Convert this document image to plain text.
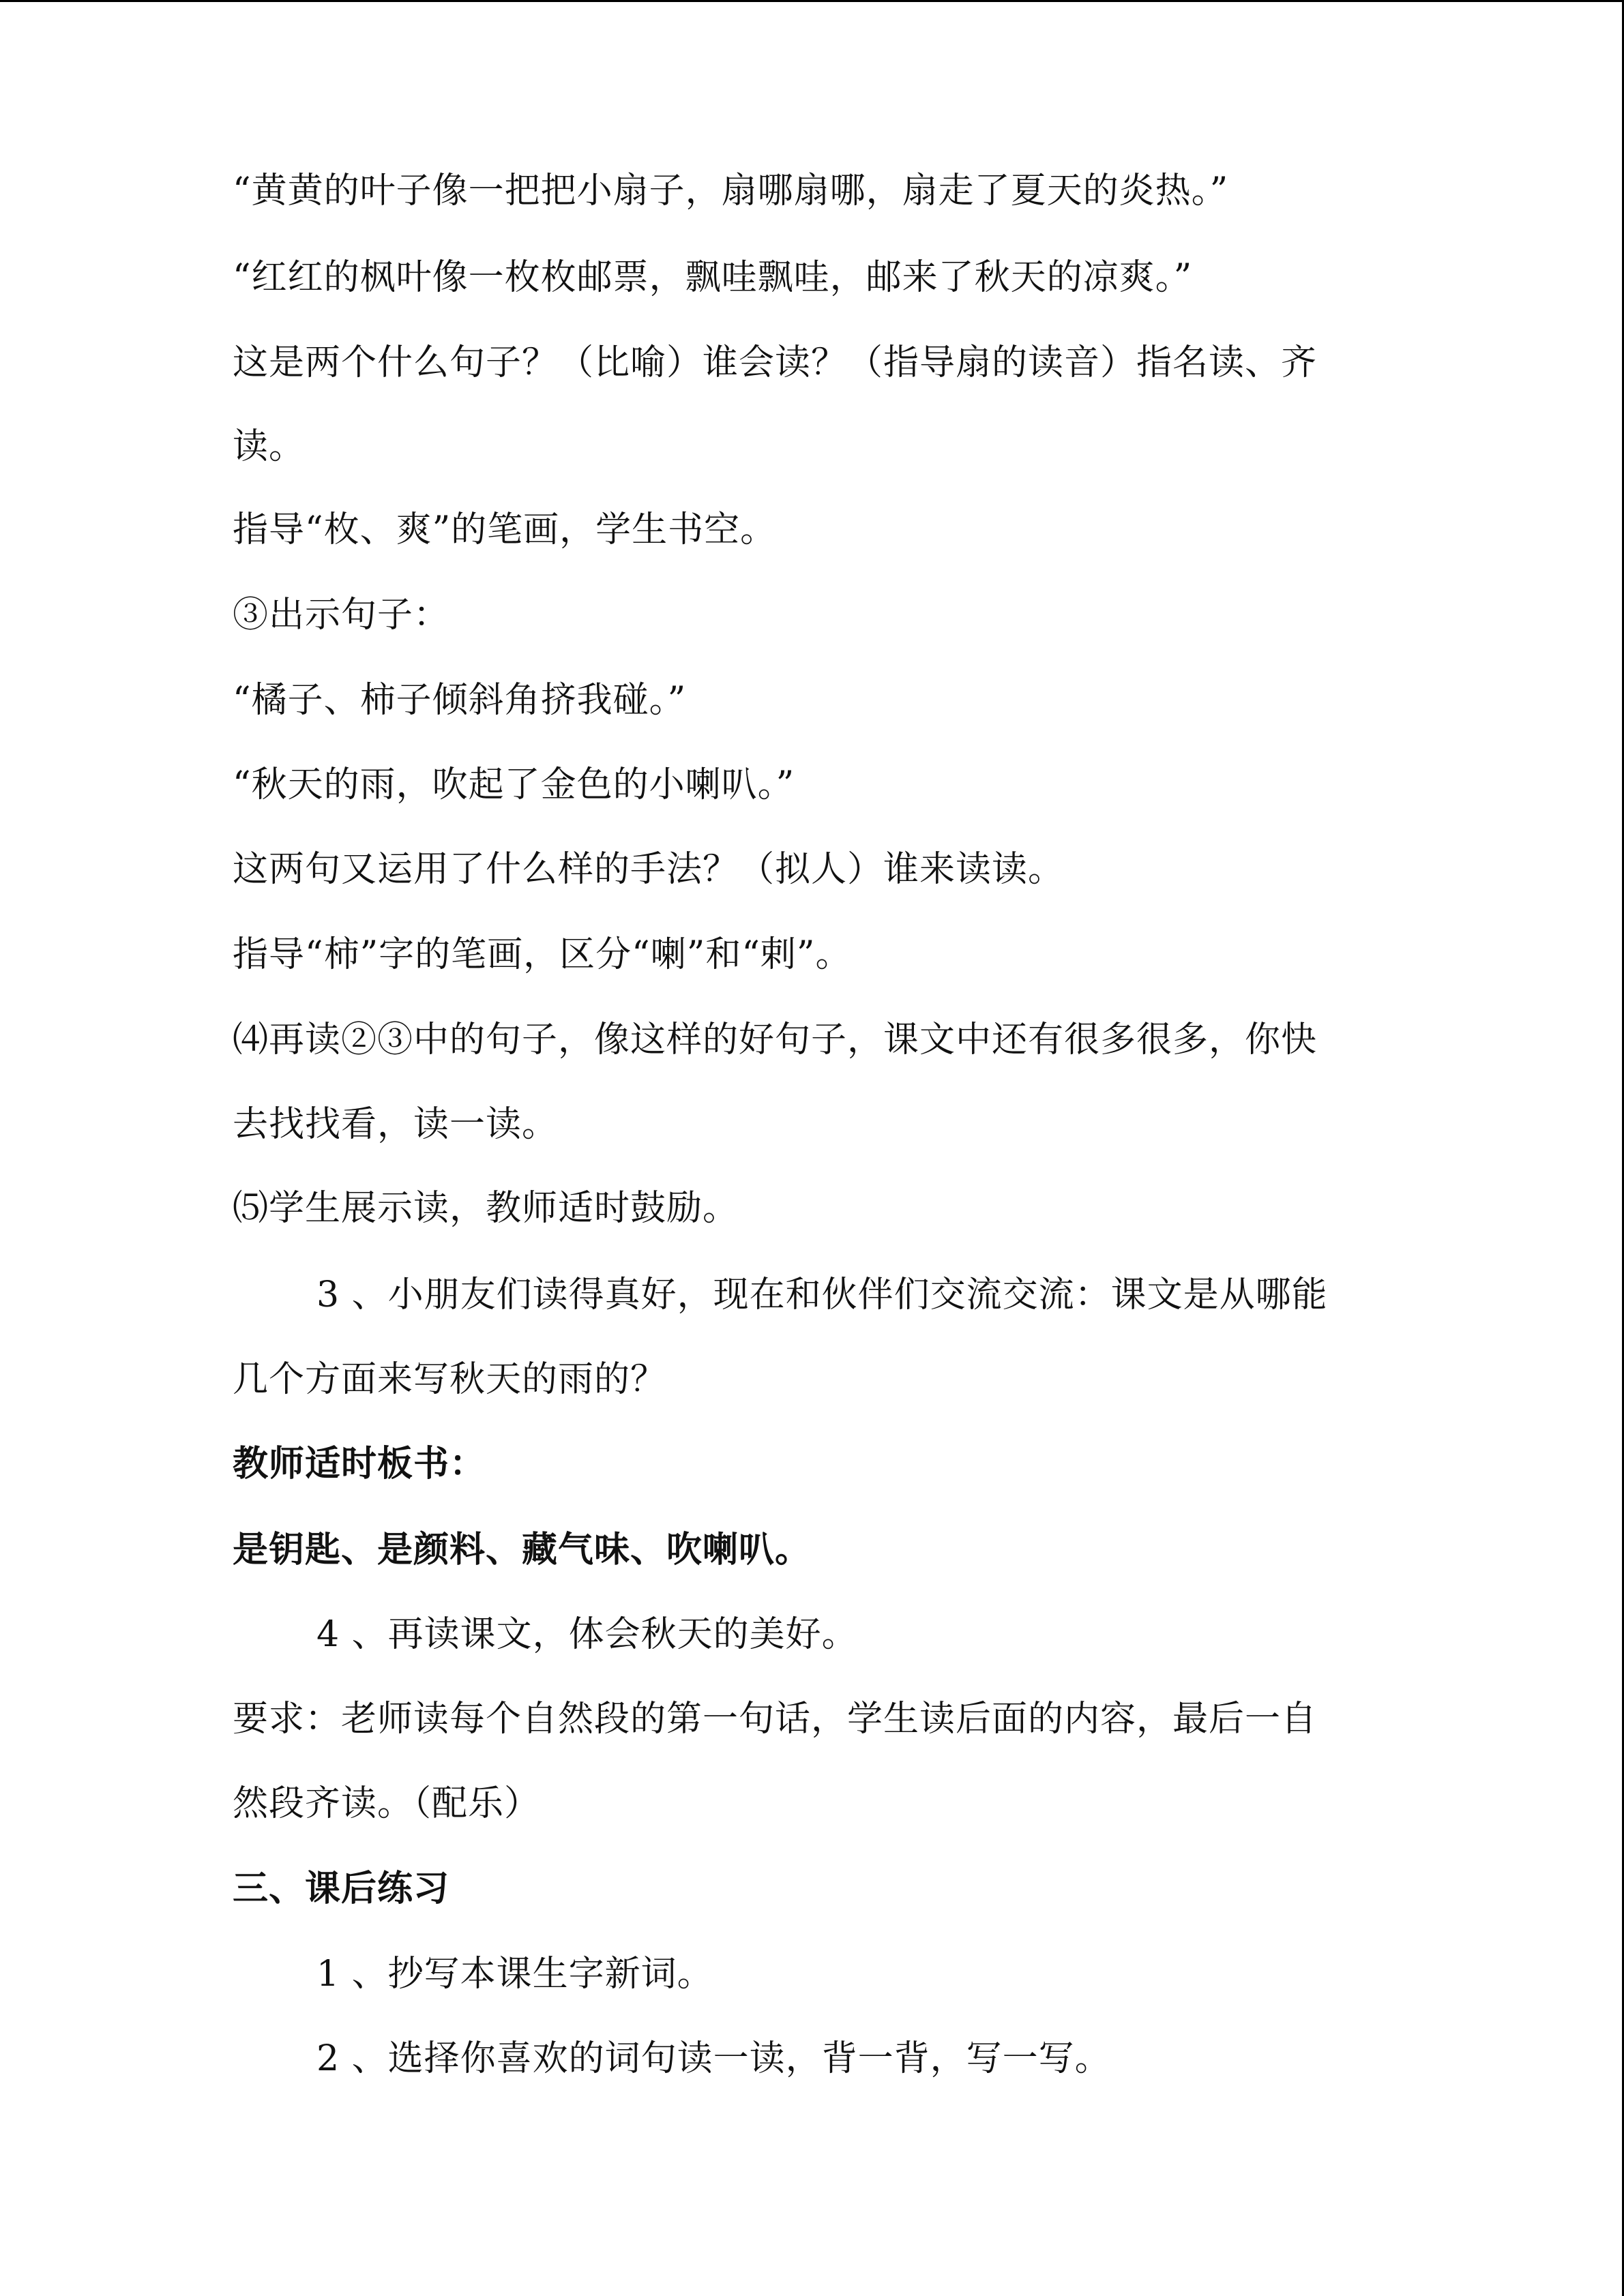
“黄黄的叶子像一把把小扇子，扇哪扇哪，扇走了夏天的炎热。”
“红红的枫叶像一枚枚邮票，飘哇飘哇，邮来了秋天的凉爽。”
这是两个什么句子？（比喻）谁会读？（指导扇的读音）指名读、齐
读。
指导“枚、爽”的笔画，学生书空。
③出示句子：
“橘子、柿子倾斜角挤我碰。”
“秋天的雨，吹起了金色的小喇叭。”
这两句又运用了什么样的手法？（拟人）谁来读读。
指导“柿”字的笔画，区分“喇”和“剌”。
⑷再读②③中的句子，像这样的好句子，课文中还有很多很多，你快
去找找看，读一读。
⑸学生展示读，教师适时鼓励。
3 、小朋友们读得真好，现在和伙伴们交流交流：课文是从哪能
几个方面来写秋天的雨的？
教师适时板书：
是钥匙、是颜料、藏气味、吹喇叭。
4 、再读课文，体会秋天的美好。
要求：老师读每个自然段的第一句话，学生读后面的内容，最后一自
然段齐读。（配乐）
三、课后练习
1 、抄写本课生字新词。
2 、选择你喜欢的词句读一读，背一背，写一写。
